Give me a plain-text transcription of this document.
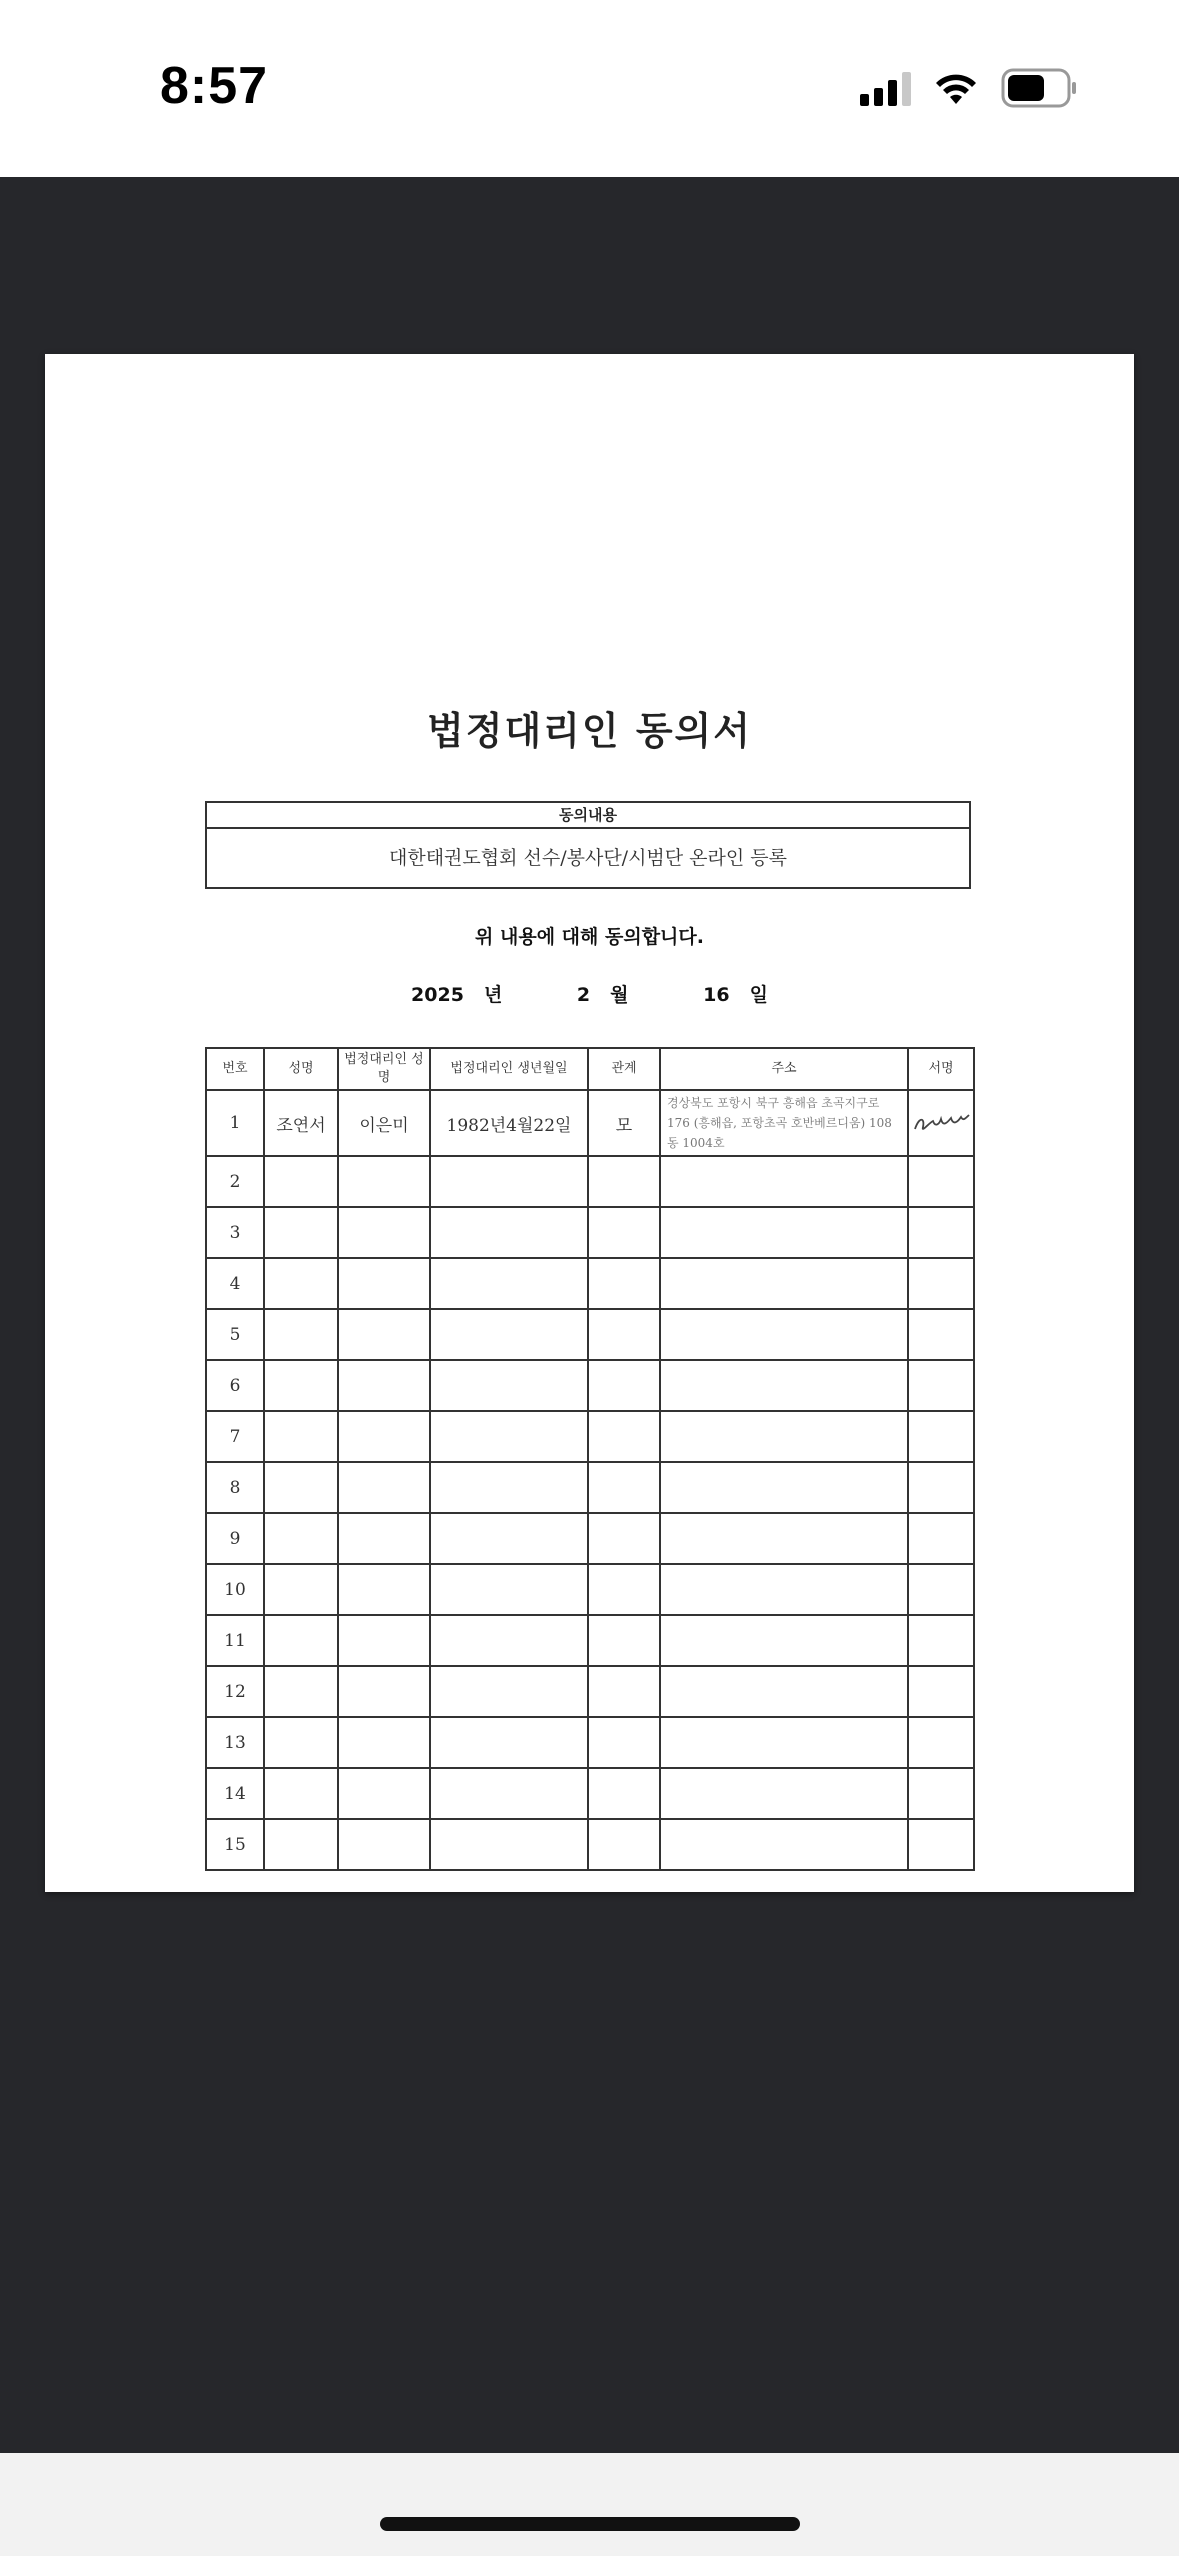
8:57
법정대리인 동의서
동의내용
대한태권도협회 선수/봉사단/시범단 온라인 등록
위 내용에 대해 동의합니다.
2025 년	2 월	16 일
번호	성명	법정대리인 성명	법정대리인 생년월일	관계	주소	서명
1	조연서	이은미	1982년4월22일	모	경상북도 포항시 북구 흥해읍 초곡지구로 176 (흥해읍, 포항초곡 호반베르디움) 108동 1004호	

2						
3						
4						
5						
6						
7						
8						
9						
10						
11						
12						
13						
14						
15						
